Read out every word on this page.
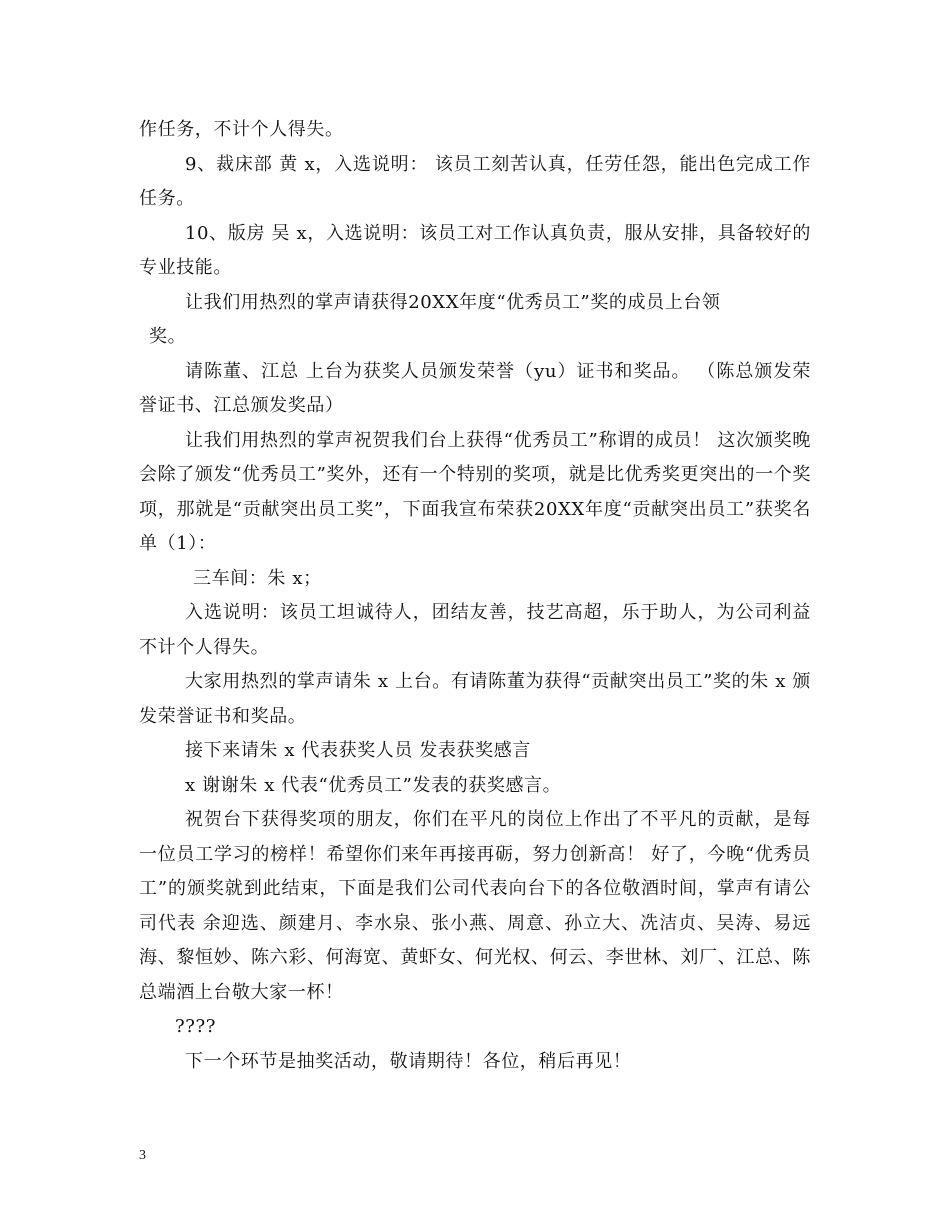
作任务，不计个人得失。

9、裁床部 黄 x，入选说明： 该员工刻苦认真，任劳任怨，能出色完成工作任务。

10、版房 吴 x，入选说明：该员工对工作认真负责，服从安排，具备较好的专业技能。

让我们用热烈的掌声请获得20XX年度“优秀员工”奖的成员上台领

奖。

请陈董、江总 上台为获奖人员颁发荣誉（yu）证书和奖品。 （陈总颁发荣誉证书、江总颁发奖品）

让我们用热烈的掌声祝贺我们台上获得“优秀员工”称谓的成员！ 这次颁奖晚会除了颁发“优秀员工”奖外，还有一个特别的奖项，就是比优秀奖更突出的一个奖项，那就是“贡献突出员工奖”，下面我宣布荣获20XX年度“贡献突出员工”获奖名单（1）：

三车间：朱 x；

入选说明：该员工坦诚待人，团结友善，技艺高超，乐于助人，为公司利益不计个人得失。

大家用热烈的掌声请朱 x 上台。有请陈董为获得“贡献突出员工”奖的朱 x 颁发荣誉证书和奖品。

接下来请朱 x 代表获奖人员 发表获奖感言

x 谢谢朱 x 代表“优秀员工”发表的获奖感言。

祝贺台下获得奖项的朋友，你们在平凡的岗位上作出了不平凡的贡献，是每一位员工学习的榜样！希望你们来年再接再砺，努力创新高！ 好了，今晚“优秀员工”的颁奖就到此结束，下面是我们公司代表向台下的各位敬酒时间，掌声有请公司代表 余迎选、颜建月、李水泉、张小燕、周意、孙立大、冼洁贞、吴涛、易远海、黎恒妙、陈六彩、何海宽、黄虾女、何光权、何云、李世林、刘厂、江总、陈总端酒上台敬大家一杯！

????

下一个环节是抽奖活动，敬请期待！各位，稍后再见！

3
